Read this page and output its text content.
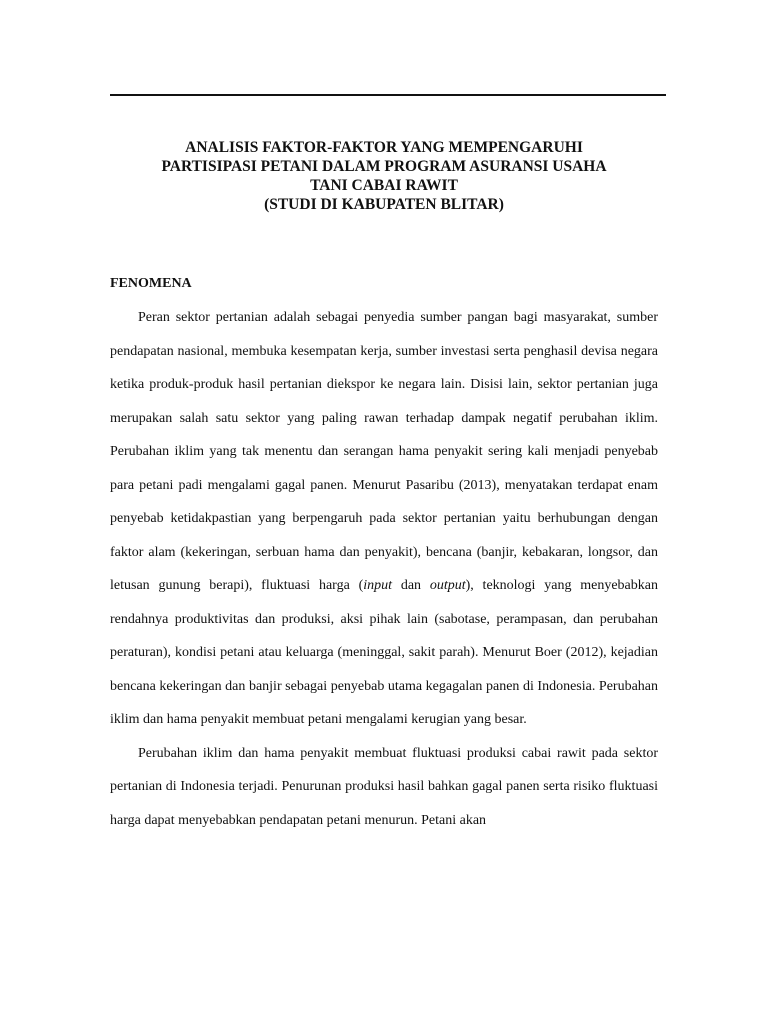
ANALISIS FAKTOR-FAKTOR YANG MEMPENGARUHI
PARTISIPASI PETANI DALAM PROGRAM ASURANSI USAHA
TANI CABAI RAWIT
(STUDI DI KABUPATEN BLITAR)
FENOMENA

Peran sektor pertanian adalah sebagai penyedia sumber pangan bagi masyarakat, sumber pendapatan nasional, membuka kesempatan kerja, sumber investasi serta penghasil devisa negara ketika produk-produk hasil pertanian diekspor ke negara lain. Disisi lain, sektor pertanian juga merupakan salah satu sektor yang paling rawan terhadap dampak negatif perubahan iklim. Perubahan iklim yang tak menentu dan serangan hama penyakit sering kali menjadi penyebab para petani padi mengalami gagal panen. Menurut Pasaribu (2013), menyatakan terdapat enam penyebab ketidakpastian yang berpengaruh pada sektor pertanian yaitu berhubungan dengan faktor alam (kekeringan, serbuan hama dan penyakit), bencana (banjir, kebakaran, longsor, dan letusan gunung berapi), fluktuasi harga (input dan output), teknologi yang menyebabkan rendahnya produktivitas dan produksi, aksi pihak lain (sabotase, perampasan, dan perubahan peraturan), kondisi petani atau keluarga (meninggal, sakit parah). Menurut Boer (2012), kejadian bencana kekeringan dan banjir sebagai penyebab utama kegagalan panen di Indonesia. Perubahan iklim dan hama penyakit membuat petani mengalami kerugian yang besar.

Perubahan iklim dan hama penyakit membuat fluktuasi produksi cabai rawit pada sektor pertanian di Indonesia terjadi. Penurunan produksi hasil bahkan gagal panen serta risiko fluktuasi harga dapat menyebabkan pendapatan petani menurun. Petani akan
